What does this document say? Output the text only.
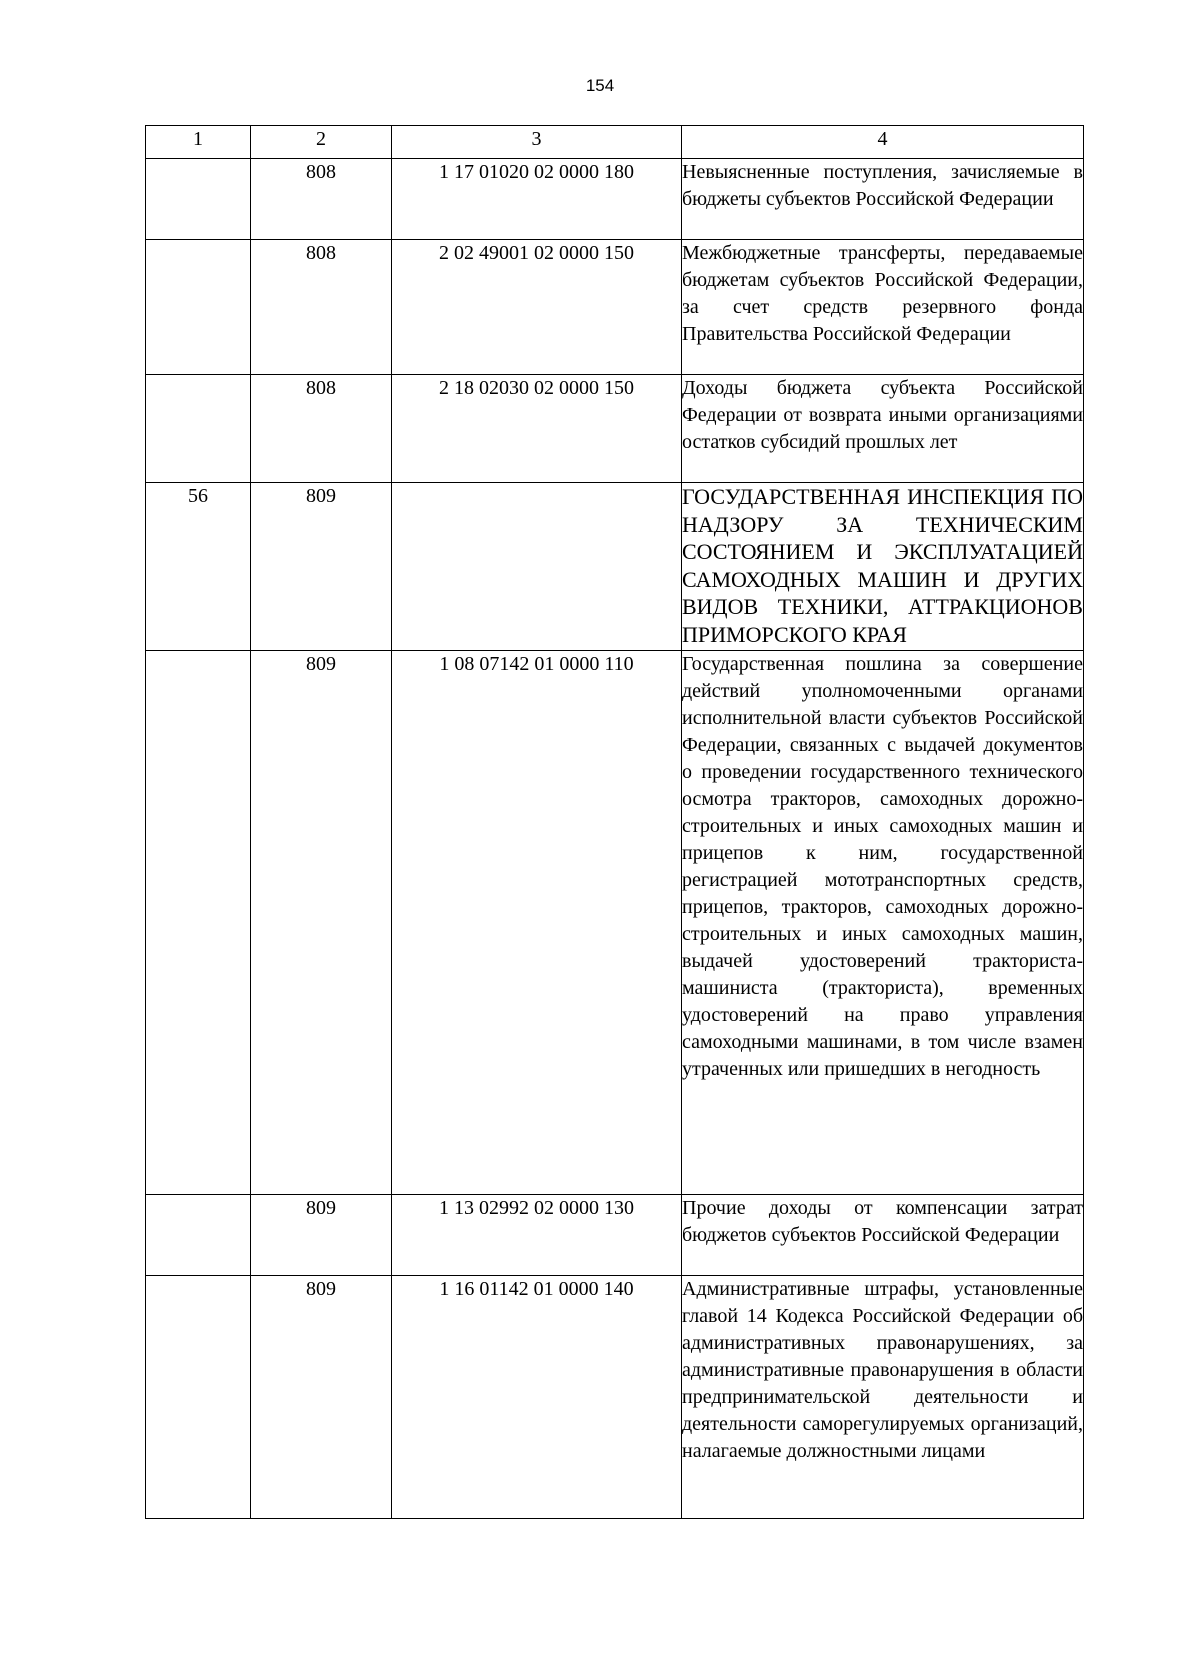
154
1	2	3	4
	808	1 17 01020 02 0000 180	Невыясненные поступления, зачисляемые в бюджеты субъектов Российской Федерации
	808	2 02 49001 02 0000 150	Межбюджетные трансферты, передаваемые бюджетам субъектов Российской Федерации, за счет средств резервного фонда Правительства Российской Федерации
	808	2 18 02030 02 0000 150	Доходы бюджета субъекта Российской Федерации от возврата иными организациями остатков субсидий прошлых лет
56	809		ГОСУДАРСТВЕННАЯ ИНСПЕКЦИЯ ПО НАДЗОРУ ЗА ТЕХНИЧЕСКИМ СОСТОЯНИЕМ И ЭКСПЛУАТАЦИЕЙ САМОХОДНЫХ МАШИН И ДРУГИХ ВИДОВ ТЕХНИКИ, АТТРАКЦИОНОВ ПРИМОРСКОГО КРАЯ
	809	1 08 07142 01 0000 110	Государственная пошлина за совершение действий уполномоченными органами исполнительной власти субъектов Российской Федерации, связанных с выдачей документов о проведении государственного технического осмотра тракторов, самоходных дорожно-строительных и иных самоходных машин и прицепов к ним, государственной регистрацией мототранспортных средств, прицепов, тракторов, самоходных дорожно-строительных и иных самоходных машин, выдачей удостоверений тракториста-машиниста (тракториста), временных удостоверений на право управления самоходными машинами, в том числе взамен утраченных или пришедших в негодность
	809	1 13 02992 02 0000 130	Прочие доходы от компенсации затрат бюджетов субъектов Российской Федерации
	809	1 16 01142 01 0000 140	Административные штрафы, установленные главой 14 Кодекса Российской Федерации об административных правонарушениях, за административные правонарушения в области предпринимательской деятельности и деятельности саморегулируемых организаций, налагаемые должностными лицами
